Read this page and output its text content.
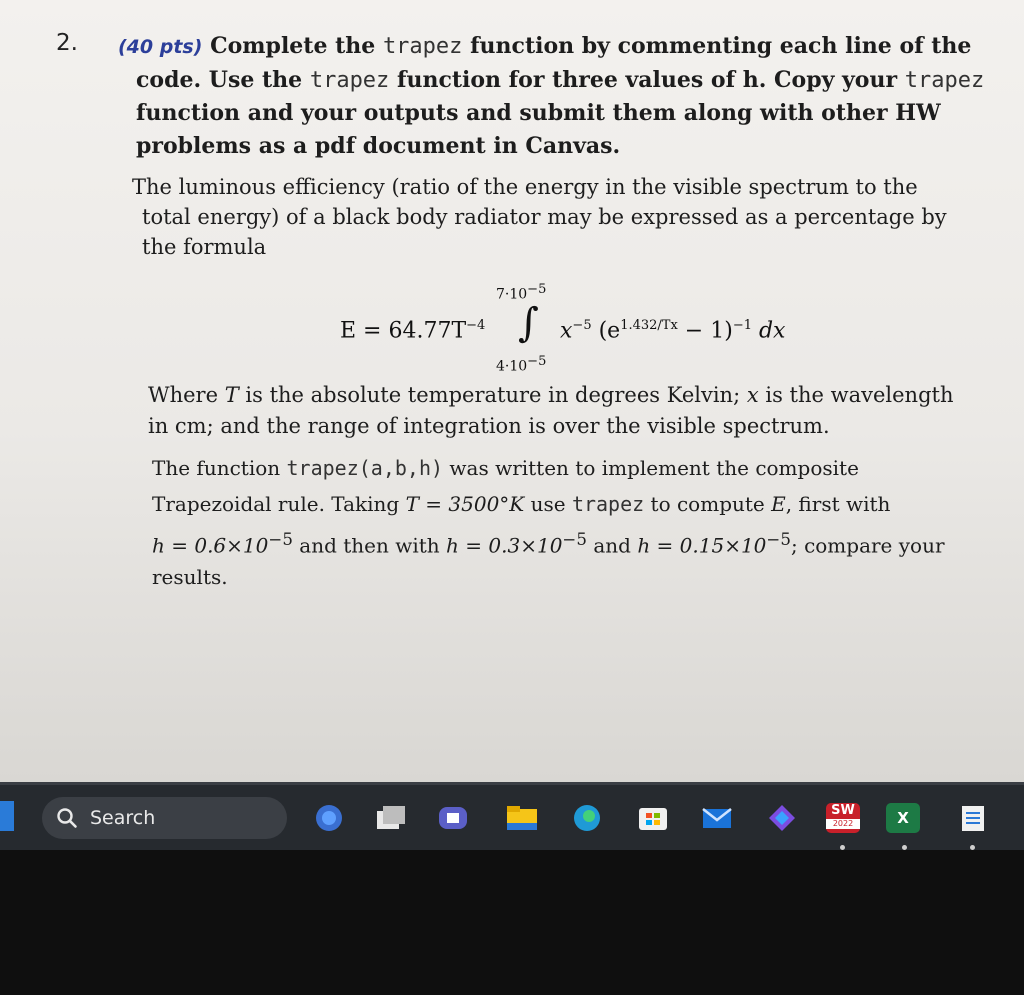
2. (40 pts) Complete the trapez function by commenting each line of the
code. Use the trapez function for three values of h. Copy your trapez
function and your outputs and submit them along with other HW
problems as a pdf document in Canvas.
The luminous efficiency (ratio of the energy in the visible spectrum to the
total energy) of a black body radiator may be expressed as a percentage by
the formula
$E = 64.77T^{-4}$
$7\cdot 10^{-5}$
∫
$4\cdot 10^{-5}$
$x^{-5}$ $(e^{1.432/Tx} - 1)^{-1}$ dx
Where T is the absolute temperature in degrees Kelvin; x is the wavelength
in cm; and the range of integration is over the visible spectrum.
The function trapez(a,b,h) was written to implement the composite
Trapezoidal rule. Taking T = 3500°K use trapez to compute E, first with
$h = 0.6\times 10^{-5}$ and then with $h = 0.3\times 10^{-5}$ and $h = 0.15\times 10^{-5}$; compare your
results.
Search	SW
2022	X
